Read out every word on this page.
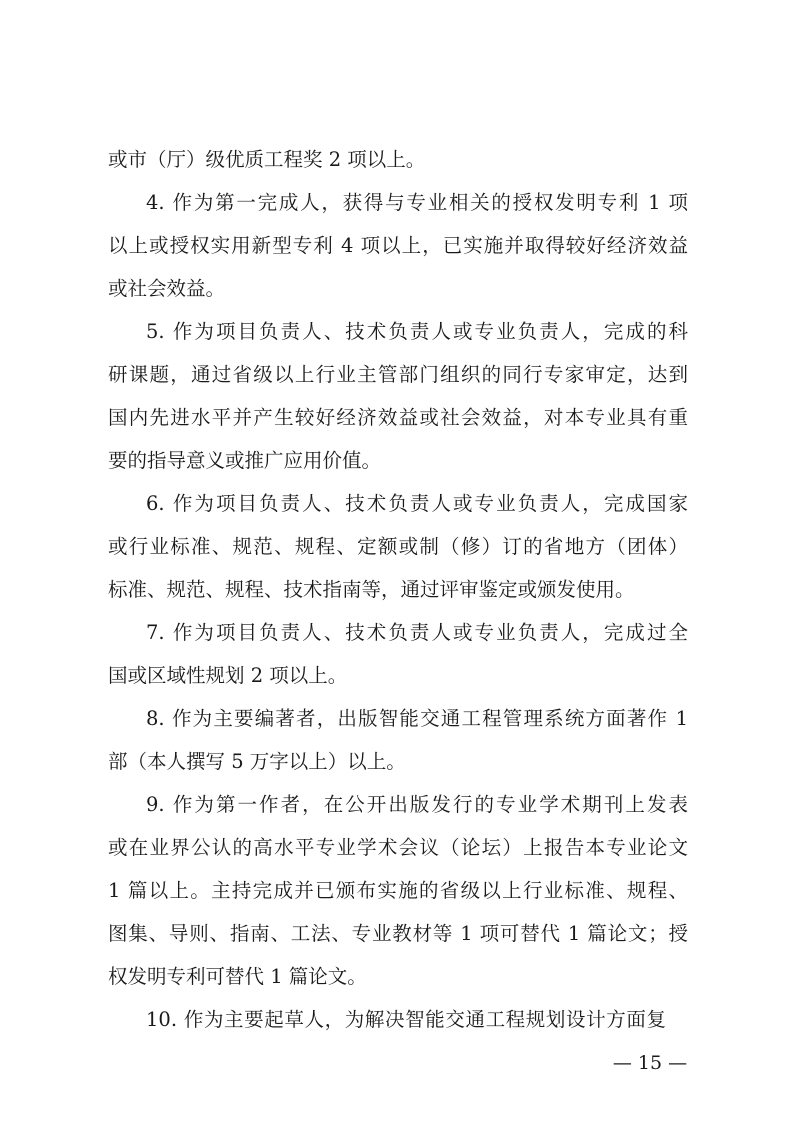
或市（厅）级优质工程奖 2 项以上。
4. 作为第一完成人，获得与专业相关的授权发明专利 1 项
以上或授权实用新型专利 4 项以上，已实施并取得较好经济效益
或社会效益。
5. 作为项目负责人、技术负责人或专业负责人，完成的科
研课题，通过省级以上行业主管部门组织的同行专家审定，达到
国内先进水平并产生较好经济效益或社会效益，对本专业具有重
要的指导意义或推广应用价值。
6. 作为项目负责人、技术负责人或专业负责人，完成国家
或行业标准、规范、规程、定额或制（修）订的省地方（团体）
标准、规范、规程、技术指南等，通过评审鉴定或颁发使用。
7. 作为项目负责人、技术负责人或专业负责人，完成过全
国或区域性规划 2 项以上。
8. 作为主要编著者，出版智能交通工程管理系统方面著作 1
部（本人撰写 5 万字以上）以上。
9. 作为第一作者，在公开出版发行的专业学术期刊上发表
或在业界公认的高水平专业学术会议（论坛）上报告本专业论文
1 篇以上。主持完成并已颁布实施的省级以上行业标准、规程、
图集、导则、指南、工法、专业教材等 1 项可替代 1 篇论文；授
权发明专利可替代 1 篇论文。
10. 作为主要起草人，为解决智能交通工程规划设计方面复
— 15 —
